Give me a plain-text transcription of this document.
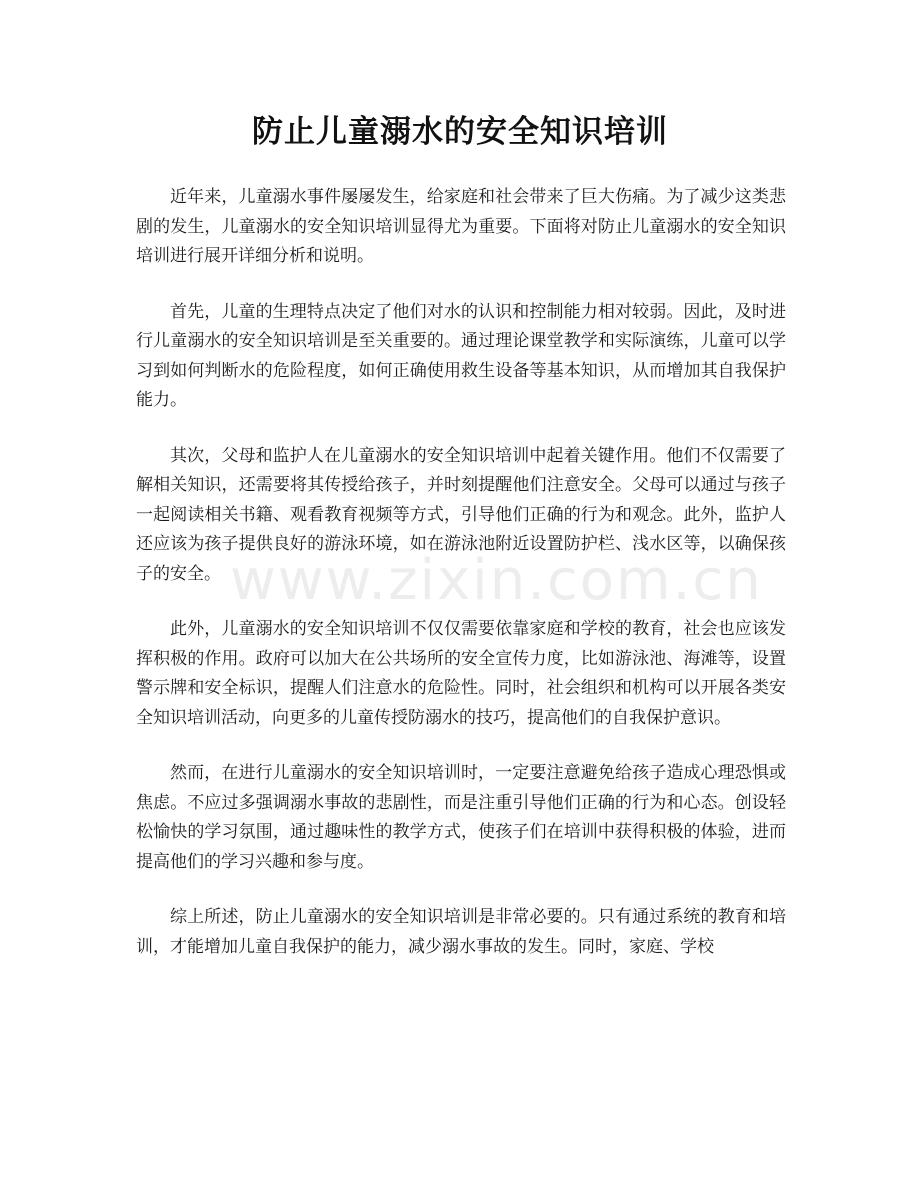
防止儿童溺水的安全知识培训
www.zixin.com.cn

近年来，儿童溺水事件屡屡发生，给家庭和社会带来了巨大伤痛。为了减少这类悲剧的发生，儿童溺水的安全知识培训显得尤为重要。下面将对防止儿童溺水的安全知识培训进行展开详细分析和说明。

首先，儿童的生理特点决定了他们对水的认识和控制能力相对较弱。因此，及时进行儿童溺水的安全知识培训是至关重要的。通过理论课堂教学和实际演练，儿童可以学习到如何判断水的危险程度，如何正确使用救生设备等基本知识，从而增加其自我保护能力。

其次，父母和监护人在儿童溺水的安全知识培训中起着关键作用。他们不仅需要了解相关知识，还需要将其传授给孩子，并时刻提醒他们注意安全。父母可以通过与孩子一起阅读相关书籍、观看教育视频等方式，引导他们正确的行为和观念。此外，监护人还应该为孩子提供良好的游泳环境，如在游泳池附近设置防护栏、浅水区等，以确保孩子的安全。

此外，儿童溺水的安全知识培训不仅仅需要依靠家庭和学校的教育，社会也应该发挥积极的作用。政府可以加大在公共场所的安全宣传力度，比如游泳池、海滩等，设置警示牌和安全标识，提醒人们注意水的危险性。同时，社会组织和机构可以开展各类安全知识培训活动，向更多的儿童传授防溺水的技巧，提高他们的自我保护意识。

然而，在进行儿童溺水的安全知识培训时，一定要注意避免给孩子造成心理恐惧或焦虑。不应过多强调溺水事故的悲剧性，而是注重引导他们正确的行为和心态。创设轻松愉快的学习氛围，通过趣味性的教学方式，使孩子们在培训中获得积极的体验，进而提高他们的学习兴趣和参与度。

综上所述，防止儿童溺水的安全知识培训是非常必要的。只有通过系统的教育和培训，才能增加儿童自我保护的能力，减少溺水事故的发生。同时，家庭、学校
